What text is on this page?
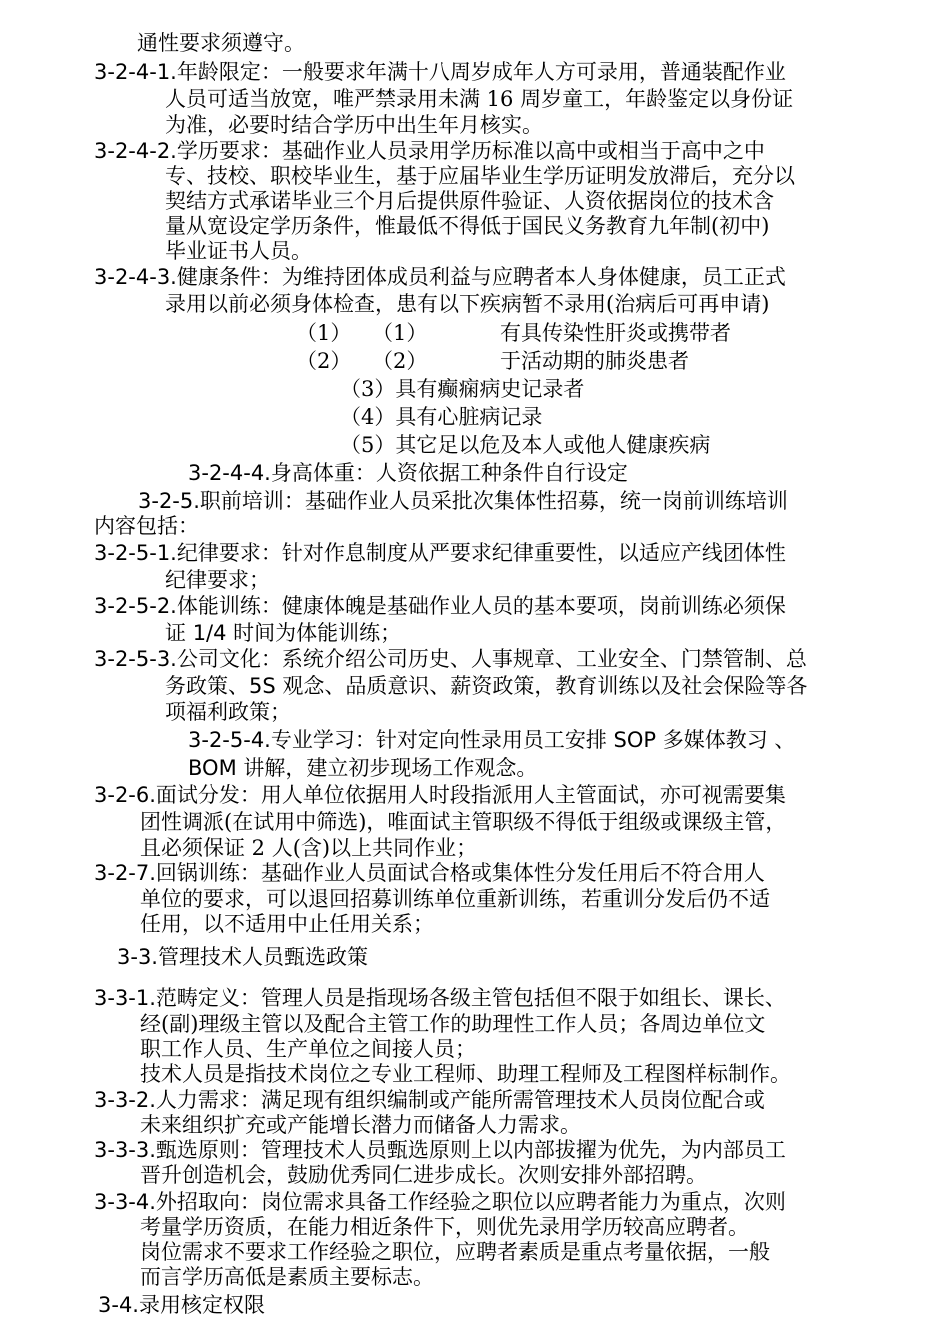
通性要求须遵守。
3-2-4-1.年龄限定：一般要求年满十八周岁成年人方可录用，普通装配作业
人员可适当放宽，唯严禁录用未满 16 周岁童工，年龄鉴定以身份证
为准，必要时结合学历中出生年月核实。
3-2-4-2.学历要求：基础作业人员录用学历标准以高中或相当于高中之中
专、技校、职校毕业生，基于应届毕业生学历证明发放滞后，充分以
契结方式承诺毕业三个月后提供原件验证、人资依据岗位的技术含
量从宽设定学历条件，惟最低不得低于国民义务教育九年制(初中)
毕业证书人员。
3-2-4-3.健康条件：为维持团体成员利益与应聘者本人身体健康，员工正式
录用以前必须身体检查，患有以下疾病暂不录用(治病后可再申请)
（1） （1）	有具传染性肝炎或携带者
（2） （2）	于活动期的肺炎患者
（3）具有癫痫病史记录者
（4）具有心脏病记录
（5）其它足以危及本人或他人健康疾病
3-2-4-4.身高体重：人资依据工种条件自行设定
3-2-5.职前培训：基础作业人员采批次集体性招募，统一岗前训练培训
内容包括：
3-2-5-1.纪律要求：针对作息制度从严要求纪律重要性，以适应产线团体性
纪律要求；
3-2-5-2.体能训练：健康体魄是基础作业人员的基本要项，岗前训练必须保
证 1/4 时间为体能训练；
3-2-5-3.公司文化：系统介绍公司历史、人事规章、工业安全、门禁管制、总
务政策、5S 观念、品质意识、薪资政策，教育训练以及社会保险等各
项福利政策；
3-2-5-4.专业学习：针对定向性录用员工安排 SOP 多媒体教习 、
BOM 讲解，建立初步现场工作观念。
3-2-6.面试分发：用人单位依据用人时段指派用人主管面试，亦可视需要集
团性调派(在试用中筛选)，唯面试主管职级不得低于组级或课级主管，
且必须保证 2 人(含)以上共同作业；
3-2-7.回锅训练：基础作业人员面试合格或集体性分发任用后不符合用人
单位的要求，可以退回招募训练单位重新训练，若重训分发后仍不适
任用，以不适用中止任用关系；
3-3.管理技术人员甄选政策
3-3-1.范畴定义：管理人员是指现场各级主管包括但不限于如组长、课长、
经(副)理级主管以及配合主管工作的助理性工作人员；各周边单位文
职工作人员、生产单位之间接人员；
技术人员是指技术岗位之专业工程师、助理工程师及工程图样标制作。
3-3-2.人力需求：满足现有组织编制或产能所需管理技术人员岗位配合或
未来组织扩充或产能增长潜力而储备人力需求。
3-3-3.甄选原则：管理技术人员甄选原则上以内部拔擢为优先，为内部员工
晋升创造机会，鼓励优秀同仁进步成长。次则安排外部招聘。
3-3-4.外招取向：岗位需求具备工作经验之职位以应聘者能力为重点，次则
考量学历资质，在能力相近条件下，则优先录用学历较高应聘者。
岗位需求不要求工作经验之职位，应聘者素质是重点考量依据，一般
而言学历高低是素质主要标志。
3-4.录用核定权限
